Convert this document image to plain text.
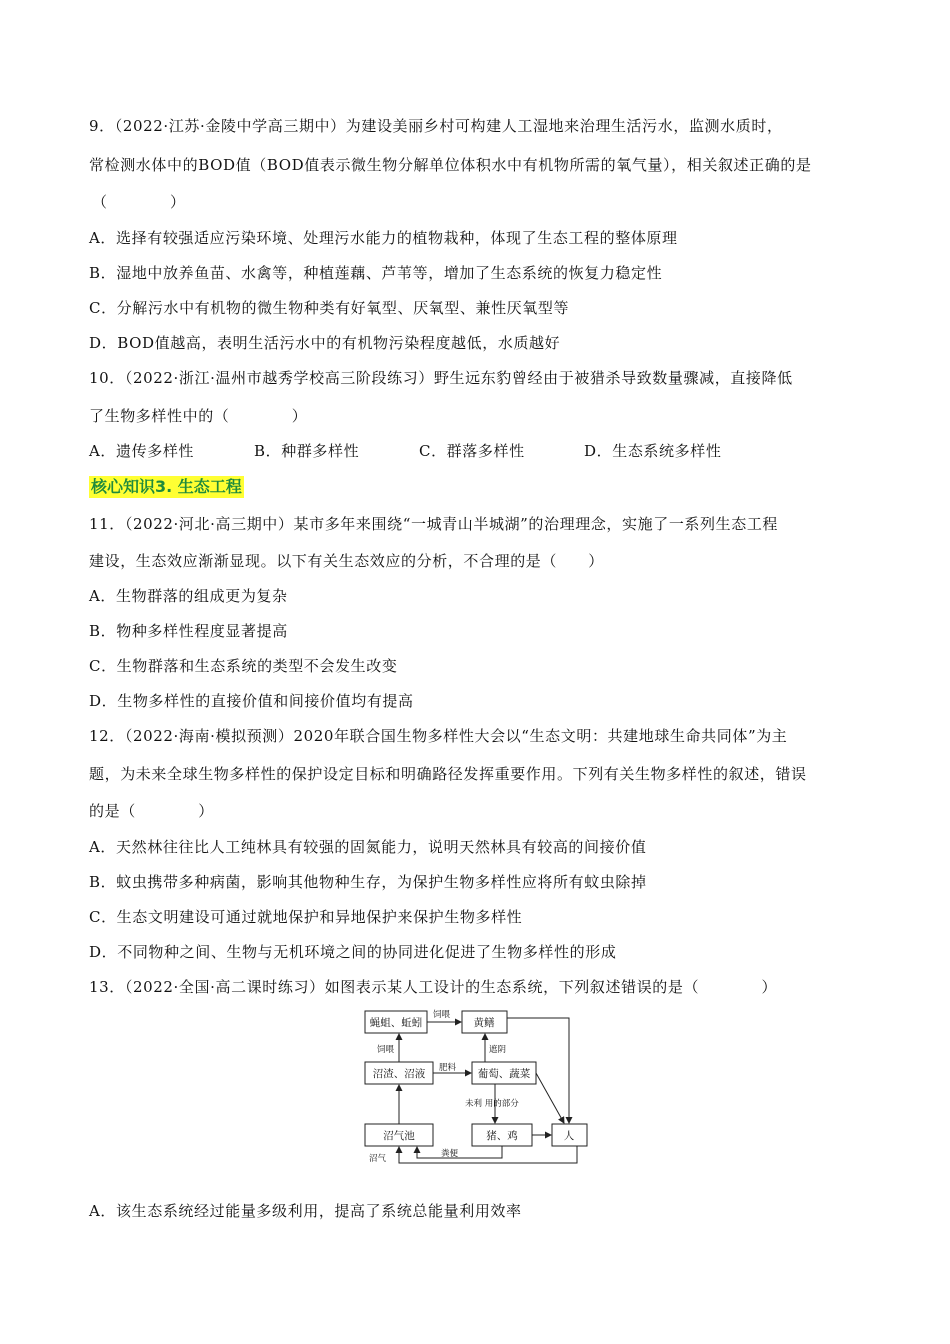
9．（2022·江苏·金陵中学高三期中）为建设美丽乡村可构建人工湿地来治理生活污水，监测水质时，
常检测水体中的BOD值（BOD值表示微生物分解单位体积水中有机物所需的氧气量），相关叙述正确的是
（　　　　）
A．选择有较强适应污染环境、处理污水能力的植物栽种，体现了生态工程的整体原理
B．湿地中放养鱼苗、水禽等，种植莲藕、芦苇等，增加了生态系统的恢复力稳定性
C．分解污水中有机物的微生物种类有好氧型、厌氧型、兼性厌氧型等
D．BOD值越高，表明生活污水中的有机物污染程度越低，水质越好
10．（2022·浙江·温州市越秀学校高三阶段练习）野生远东豹曾经由于被猎杀导致数量骤减，直接降低
了生物多样性中的（　　　　）
A．遗传多样性	B．种群多样性	C．群落多样性	D．生态系统多样性
核心知识3. 生态工程
11．（2022·河北·高三期中）某市多年来围绕“一城青山半城湖”的治理理念，实施了一系列生态工程
建设，生态效应渐渐显现。以下有关生态效应的分析，不合理的是（　　）
A．生物群落的组成更为复杂
B．物种多样性程度显著提高
C．生物群落和生态系统的类型不会发生改变
D．生物多样性的直接价值和间接价值均有提高
12．（2022·海南·模拟预测）2020年联合国生物多样性大会以“生态文明：共建地球生命共同体”为主
题，为未来全球生物多样性的保护设定目标和明确路径发挥重要作用。下列有关生物多样性的叙述，错误
的是（　　　　）
A．天然林往往比人工纯林具有较强的固氮能力，说明天然林具有较高的间接价值
B．蚊虫携带多种病菌，影响其他物种生存，为保护生物多样性应将所有蚊虫除掉
C．生态文明建设可通过就地保护和异地保护来保护生物多样性
D．不同物种之间、生物与无机环境之间的协同进化促进了生物多样性的形成
13．（2022·全国·高二课时练习）如图表示某人工设计的生态系统，下列叙述错误的是（　　　　）
蝇蛆、蚯蚓	黄鳝
沼渣、沼液	葡萄、蔬菜
沼气池	猪、鸡	人
饲喂
饲喂	遮阴
肥料
未利 用的部分
沼气	粪便
A．该生态系统经过能量多级利用，提高了系统总能量利用效率
